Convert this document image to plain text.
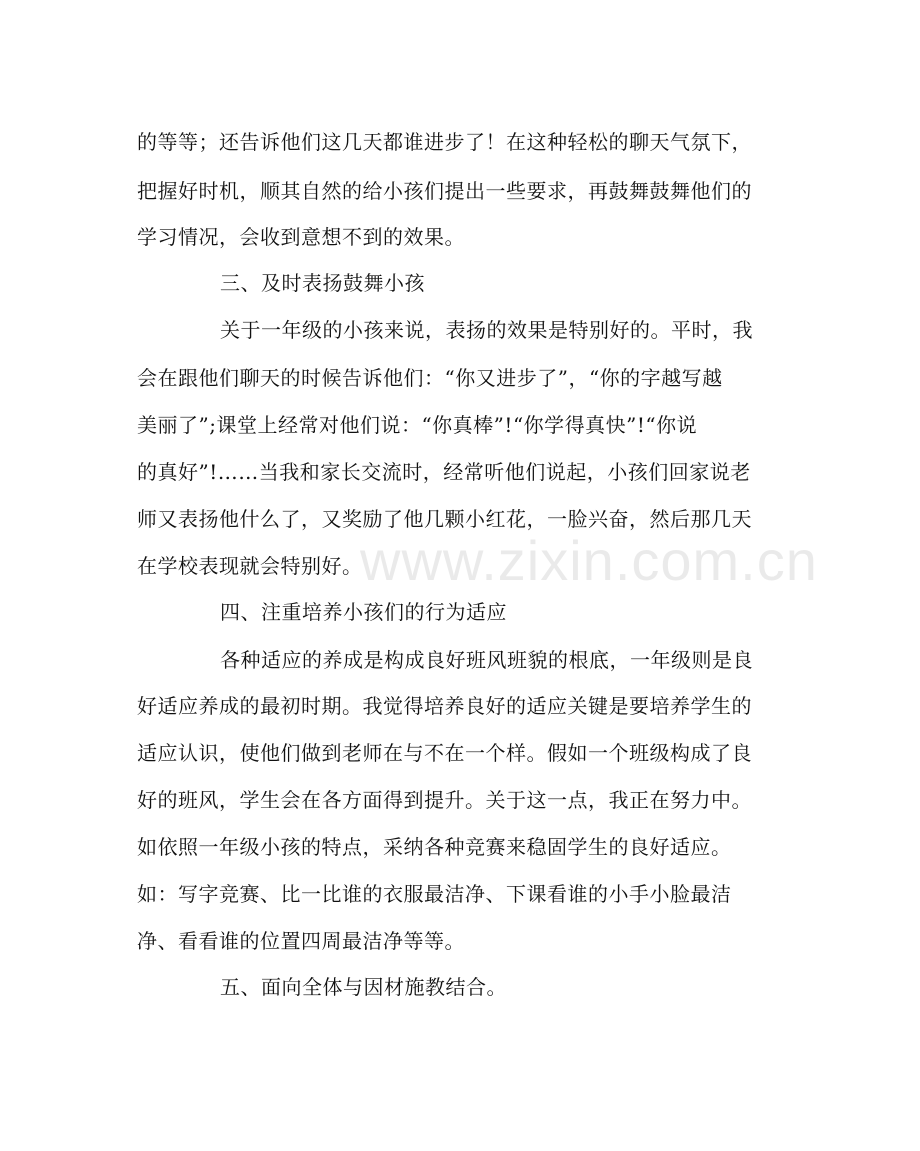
www.zixin.com.cn
的等等；还告诉他们这几天都谁进步了！在这种轻松的聊天气氛下，
把握好时机，顺其自然的给小孩们提出一些要求，再鼓舞鼓舞他们的
学习情况，会收到意想不到的效果。
三、及时表扬鼓舞小孩
关于一年级的小孩来说，表扬的效果是特别好的。平时，我
会在跟他们聊天的时候告诉他们：“你又进步了”，“你的字越写越
美丽了”;课堂上经常对他们说：“你真棒”!“你学得真快”!“你说
的真好”!……当我和家长交流时，经常听他们说起，小孩们回家说老
师又表扬他什么了，又奖励了他几颗小红花，一脸兴奋，然后那几天
在学校表现就会特别好。
四、注重培养小孩们的行为适应
各种适应的养成是构成良好班风班貌的根底，一年级则是良
好适应养成的最初时期。我觉得培养良好的适应关键是要培养学生的
适应认识，使他们做到老师在与不在一个样。假如一个班级构成了良
好的班风，学生会在各方面得到提升。关于这一点，我正在努力中。
如依照一年级小孩的特点，采纳各种竞赛来稳固学生的良好适应。
如：写字竞赛、比一比谁的衣服最洁净、下课看谁的小手小脸最洁
净、看看谁的位置四周最洁净等等。
五、面向全体与因材施教结合。
